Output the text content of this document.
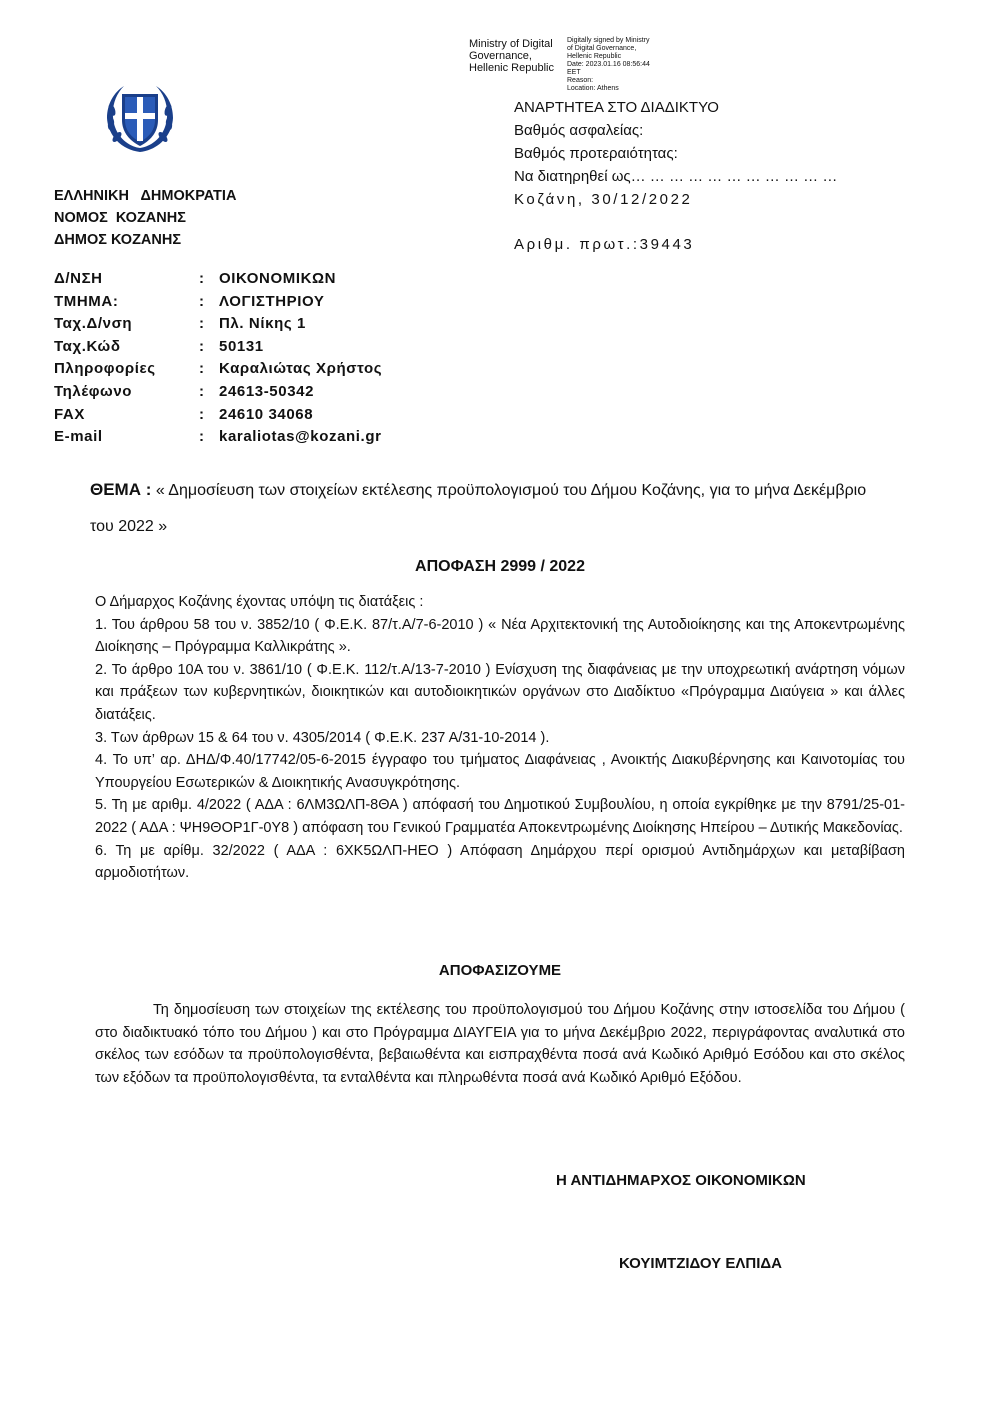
Ministry of Digital
Governance,
Hellenic Republic
Digitally signed by Ministry
of Digital Governance,
Hellenic Republic
Date: 2023.01.16 08:56:44
EET
Reason:
Location: Athens
ΑΝΑΡΤΗΤΕΑ ΣΤΟ ΔΙΑΔΙΚΤΥΟ
Βαθμός ασφαλείας:
Βαθμός προτεραιότητας:
Να διατηρηθεί ως… … … … … … … … … … …
Κοζάνη, 30/12/2022
Αριθμ. πρωτ.:39443
ΕΛΛΗΝΙΚΗ   ΔΗΜΟΚΡΑΤΙΑ
ΝΟΜΟΣ  ΚΟΖΑΝΗΣ
ΔΗΜΟΣ ΚΟΖΑΝΗΣ
Δ/ΝΣΗ	: ΟΙΚΟΝΟΜΙΚΩΝ
ΤΜΗΜΑ:	: ΛΟΓΙΣΤΗΡΙΟΥ
Ταχ.Δ/νση	: Πλ. Νίκης 1
Ταχ.Κώδ	: 50131
Πληροφορίες	: Καραλιώτας Χρήστος
Τηλέφωνο	: 24613-50342
FAX	: 24610 34068
E-mail	: karaliotas@kozani.gr
ΘΕΜΑ : « Δημοσίευση των στοιχείων εκτέλεσης προϋπολογισμού του Δήμου Κοζάνης, για το μήνα Δεκέμβριο του 2022 »
ΑΠΟΦΑΣΗ 2999 / 2022

Ο Δήμαρχος Κοζάνης έχοντας υπόψη τις διατάξεις :

1. Του άρθρου 58 του ν. 3852/10 ( Φ.Ε.Κ. 87/τ.Α/7-6-2010 ) « Νέα Αρχιτεκτονική της Αυτοδιοίκησης και της Αποκεντρωμένης Διοίκησης – Πρόγραμμα Καλλικράτης ».

2. Το άρθρο 10Α του ν. 3861/10 ( Φ.Ε.Κ. 112/τ.Α/13-7-2010 ) Ενίσχυση της διαφάνειας με την υποχρεωτική ανάρτηση νόμων και πράξεων των κυβερνητικών, διοικητικών και αυτοδιοικητικών οργάνων στο Διαδίκτυο «Πρόγραμμα Διαύγεια » και άλλες διατάξεις.

3. Των άρθρων 15 & 64 του ν. 4305/2014 ( Φ.Ε.Κ. 237 Α/31-10-2014 ).

4. Το υπ’ αρ. ΔΗΔ/Φ.40/17742/05-6-2015 έγγραφο του τμήματος Διαφάνειας , Ανοικτής Διακυβέρνησης και Καινοτομίας του Υπουργείου Εσωτερικών & Διοικητικής Ανασυγκρότησης.

5. Τη με αριθμ. 4/2022 ( ΑΔΑ : 6ΛΜ3ΩΛΠ-8ΘΑ ) απόφασή του Δημοτικού Συμβουλίου, η οποία εγκρίθηκε με την 8791/25-01-2022 ( ΑΔΑ : ΨΗ9ΘΟΡ1Γ-0Υ8 ) απόφαση του Γενικού Γραμματέα Αποκεντρωμένης Διοίκησης Ηπείρου – Δυτικής Μακεδονίας.

6. Τη με αρίθμ. 32/2022 ( ΑΔΑ : 6ΧΚ5ΩΛΠ-ΗΕΟ ) Απόφαση Δημάρχου περί ορισμού Αντιδημάρχων και μεταβίβαση αρμοδιοτήτων.

ΑΠΟΦΑΣΙΖΟΥΜΕ
Τη δημοσίευση των στοιχείων της εκτέλεσης του προϋπολογισμού του Δήμου Κοζάνης στην ιστοσελίδα του Δήμου ( στο διαδικτυακό τόπο του Δήμου ) και στο Πρόγραμμα ΔΙΑΥΓΕΙΑ για το μήνα Δεκέμβριο 2022, περιγράφοντας αναλυτικά στο σκέλος των εσόδων τα προϋπολογισθέντα, βεβαιωθέντα και εισπραχθέντα ποσά ανά Κωδικό Αριθμό Εσόδου και στο σκέλος των εξόδων τα προϋπολογισθέντα, τα ενταλθέντα και πληρωθέντα ποσά ανά Κωδικό Αριθμό Εξόδου.
Η ΑΝΤΙΔΗΜΑΡΧΟΣ ΟΙΚΟΝΟΜΙΚΩΝ
ΚΟΥΙΜΤΖΙΔΟΥ ΕΛΠΙΔΑ
